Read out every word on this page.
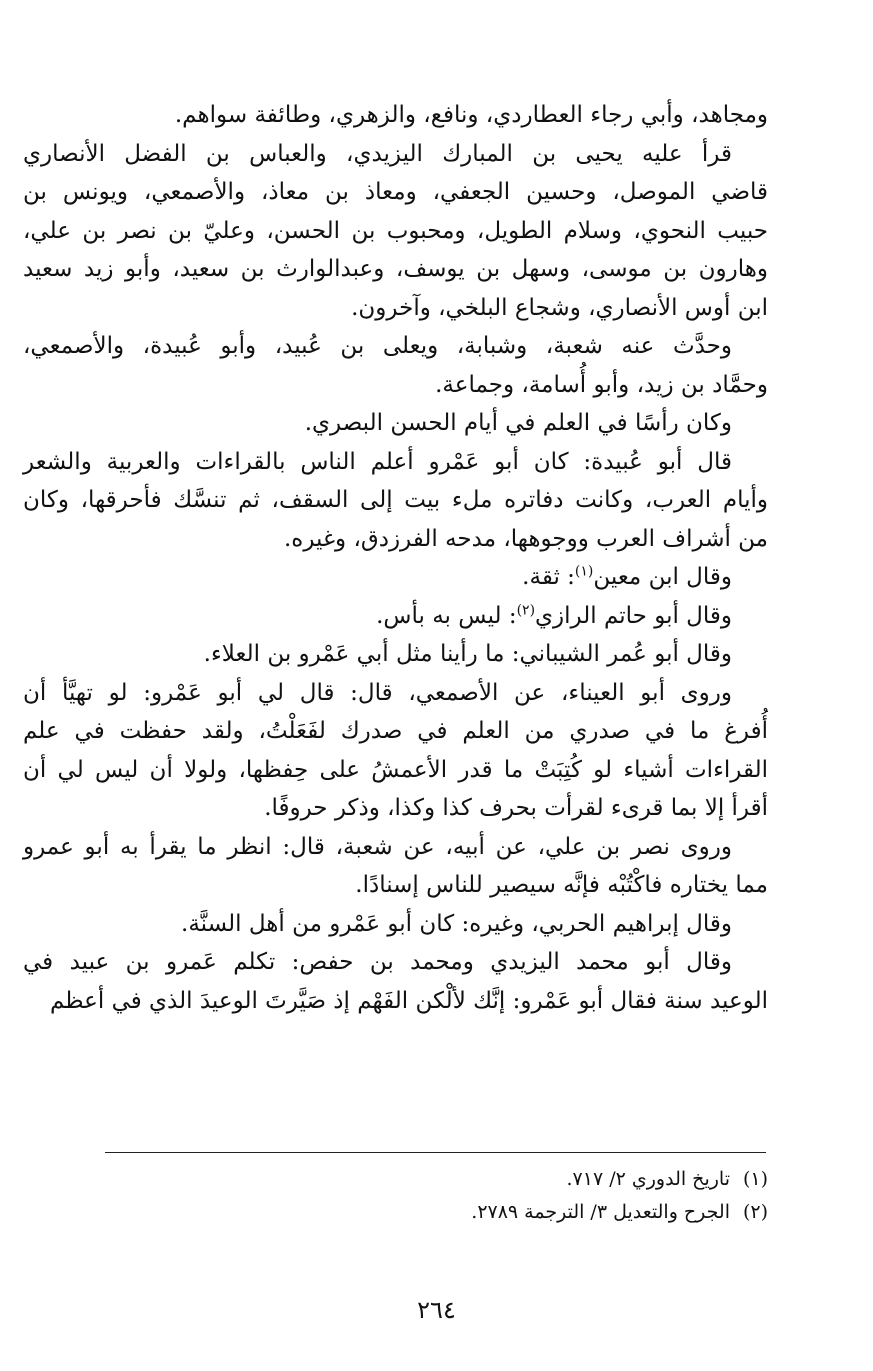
ومجاهد، وأبي رجاء العطاردي، ونافع، والزهري، وطائفة سواهم.
قرأ عليه يحيى بن المبارك اليزيدي، والعباس بن الفضل الأنصاري
قاضي الموصل، وحسين الجعفي، ومعاذ بن معاذ، والأصمعي، ويونس بن
حبيب النحوي، وسلام الطويل، ومحبوب بن الحسن، وعليّ بن نصر بن علي،
وهارون بن موسى، وسهل بن يوسف، وعبدالوارث بن سعيد، وأبو زيد سعيد
ابن أوس الأنصاري، وشجاع البلخي، وآخرون.
وحدَّث عنه شعبة، وشبابة، ويعلى بن عُبيد، وأبو عُبيدة، والأصمعي،
وحمَّاد بن زيد، وأبو أُسامة، وجماعة.
وكان رأسًا في العلم في أيام الحسن البصري.
قال أبو عُبيدة: كان أبو عَمْرو أعلم الناس بالقراءات والعربية والشعر
وأيام العرب، وكانت دفاتره ملء بيت إلى السقف، ثم تنسَّك فأحرقها، وكان
من أشراف العرب ووجوهها، مدحه الفرزدق، وغيره.
وقال ابن معين$^{(١)}$: ثقة.
وقال أبو حاتم الرازي$^{(٢)}$: ليس به بأس.
وقال أبو عُمر الشيباني: ما رأينا مثل أبي عَمْرو بن العلاء.
وروى أبو العيناء، عن الأصمعي، قال: قال لي أبو عَمْرو: لو تهيَّأ أن
أُفرغ ما في صدري من العلم في صدرك لفَعَلْتُ، ولقد حفظت في علم
القراءات أشياء لو كُتِبَتْ ما قدر الأعمشُ على حِفظها، ولولا أن ليس لي أن
أقرأ إلا بما قرىء لقرأت بحرف كذا وكذا، وذكر حروفًا.
وروى نصر بن علي، عن أبيه، عن شعبة، قال: انظر ما يقرأ به أبو عمرو
مما يختاره فاكْتُبْه فإنَّه سيصير للناس إسنادًا.
وقال إبراهيم الحربي، وغيره: كان أبو عَمْرو من أهل السنَّة.
وقال أبو محمد اليزيدي ومحمد بن حفص: تكلم عَمرو بن عبيد في
الوعيد سنة فقال أبو عَمْرو: إنَّك لألْكن الفَهْم إذ صَيَّرتَ الوعيدَ الذي في أعظم
(١)تاريخ الدوري ٢/ ٧١٧.
(٢)الجرح والتعديل ٣/ الترجمة ٢٧٨٩.
٢٦٤
